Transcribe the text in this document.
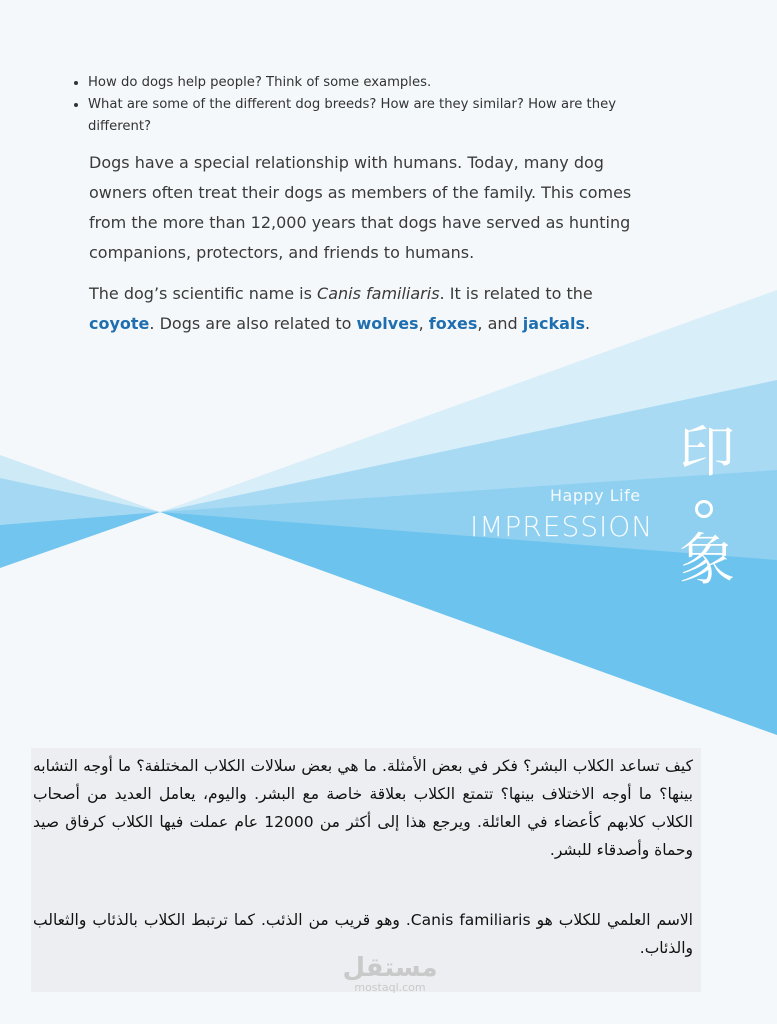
• How do dogs help people? Think of some examples.
• What are some of the different dog breeds? How are they similar? How are they different?

Dogs have a special relationship with humans. Today, many dog owners often treat their dogs as members of the family. This comes from the more than 12,000 years that dogs have served as hunting companions, protectors, and friends to humans.

The dog’s scientific name is Canis familiaris. It is related to the coyote. Dogs are also related to wolves, foxes, and jackals.

Happy Life
IMPRESSION
印
象

كيف تساعد الكلاب البشر؟ فكر في بعض الأمثلة. ما هي بعض سلالات الكلاب المختلفة؟ ما أوجه التشابه بينها؟ ما أوجه الاختلاف بينها؟ تتمتع الكلاب بعلاقة خاصة مع البشر. واليوم، يعامل العديد من أصحاب الكلاب كلابهم كأعضاء في العائلة. ويرجع هذا إلى أكثر من 12000 عام عملت فيها الكلاب كرفاق صيد وحماة وأصدقاء للبشر.

الاسم العلمي للكلاب هو Canis familiaris. وهو قريب من الذئب. كما ترتبط الكلاب بالذئاب والثعالب والذئاب.

مستقل
mostaql.com
